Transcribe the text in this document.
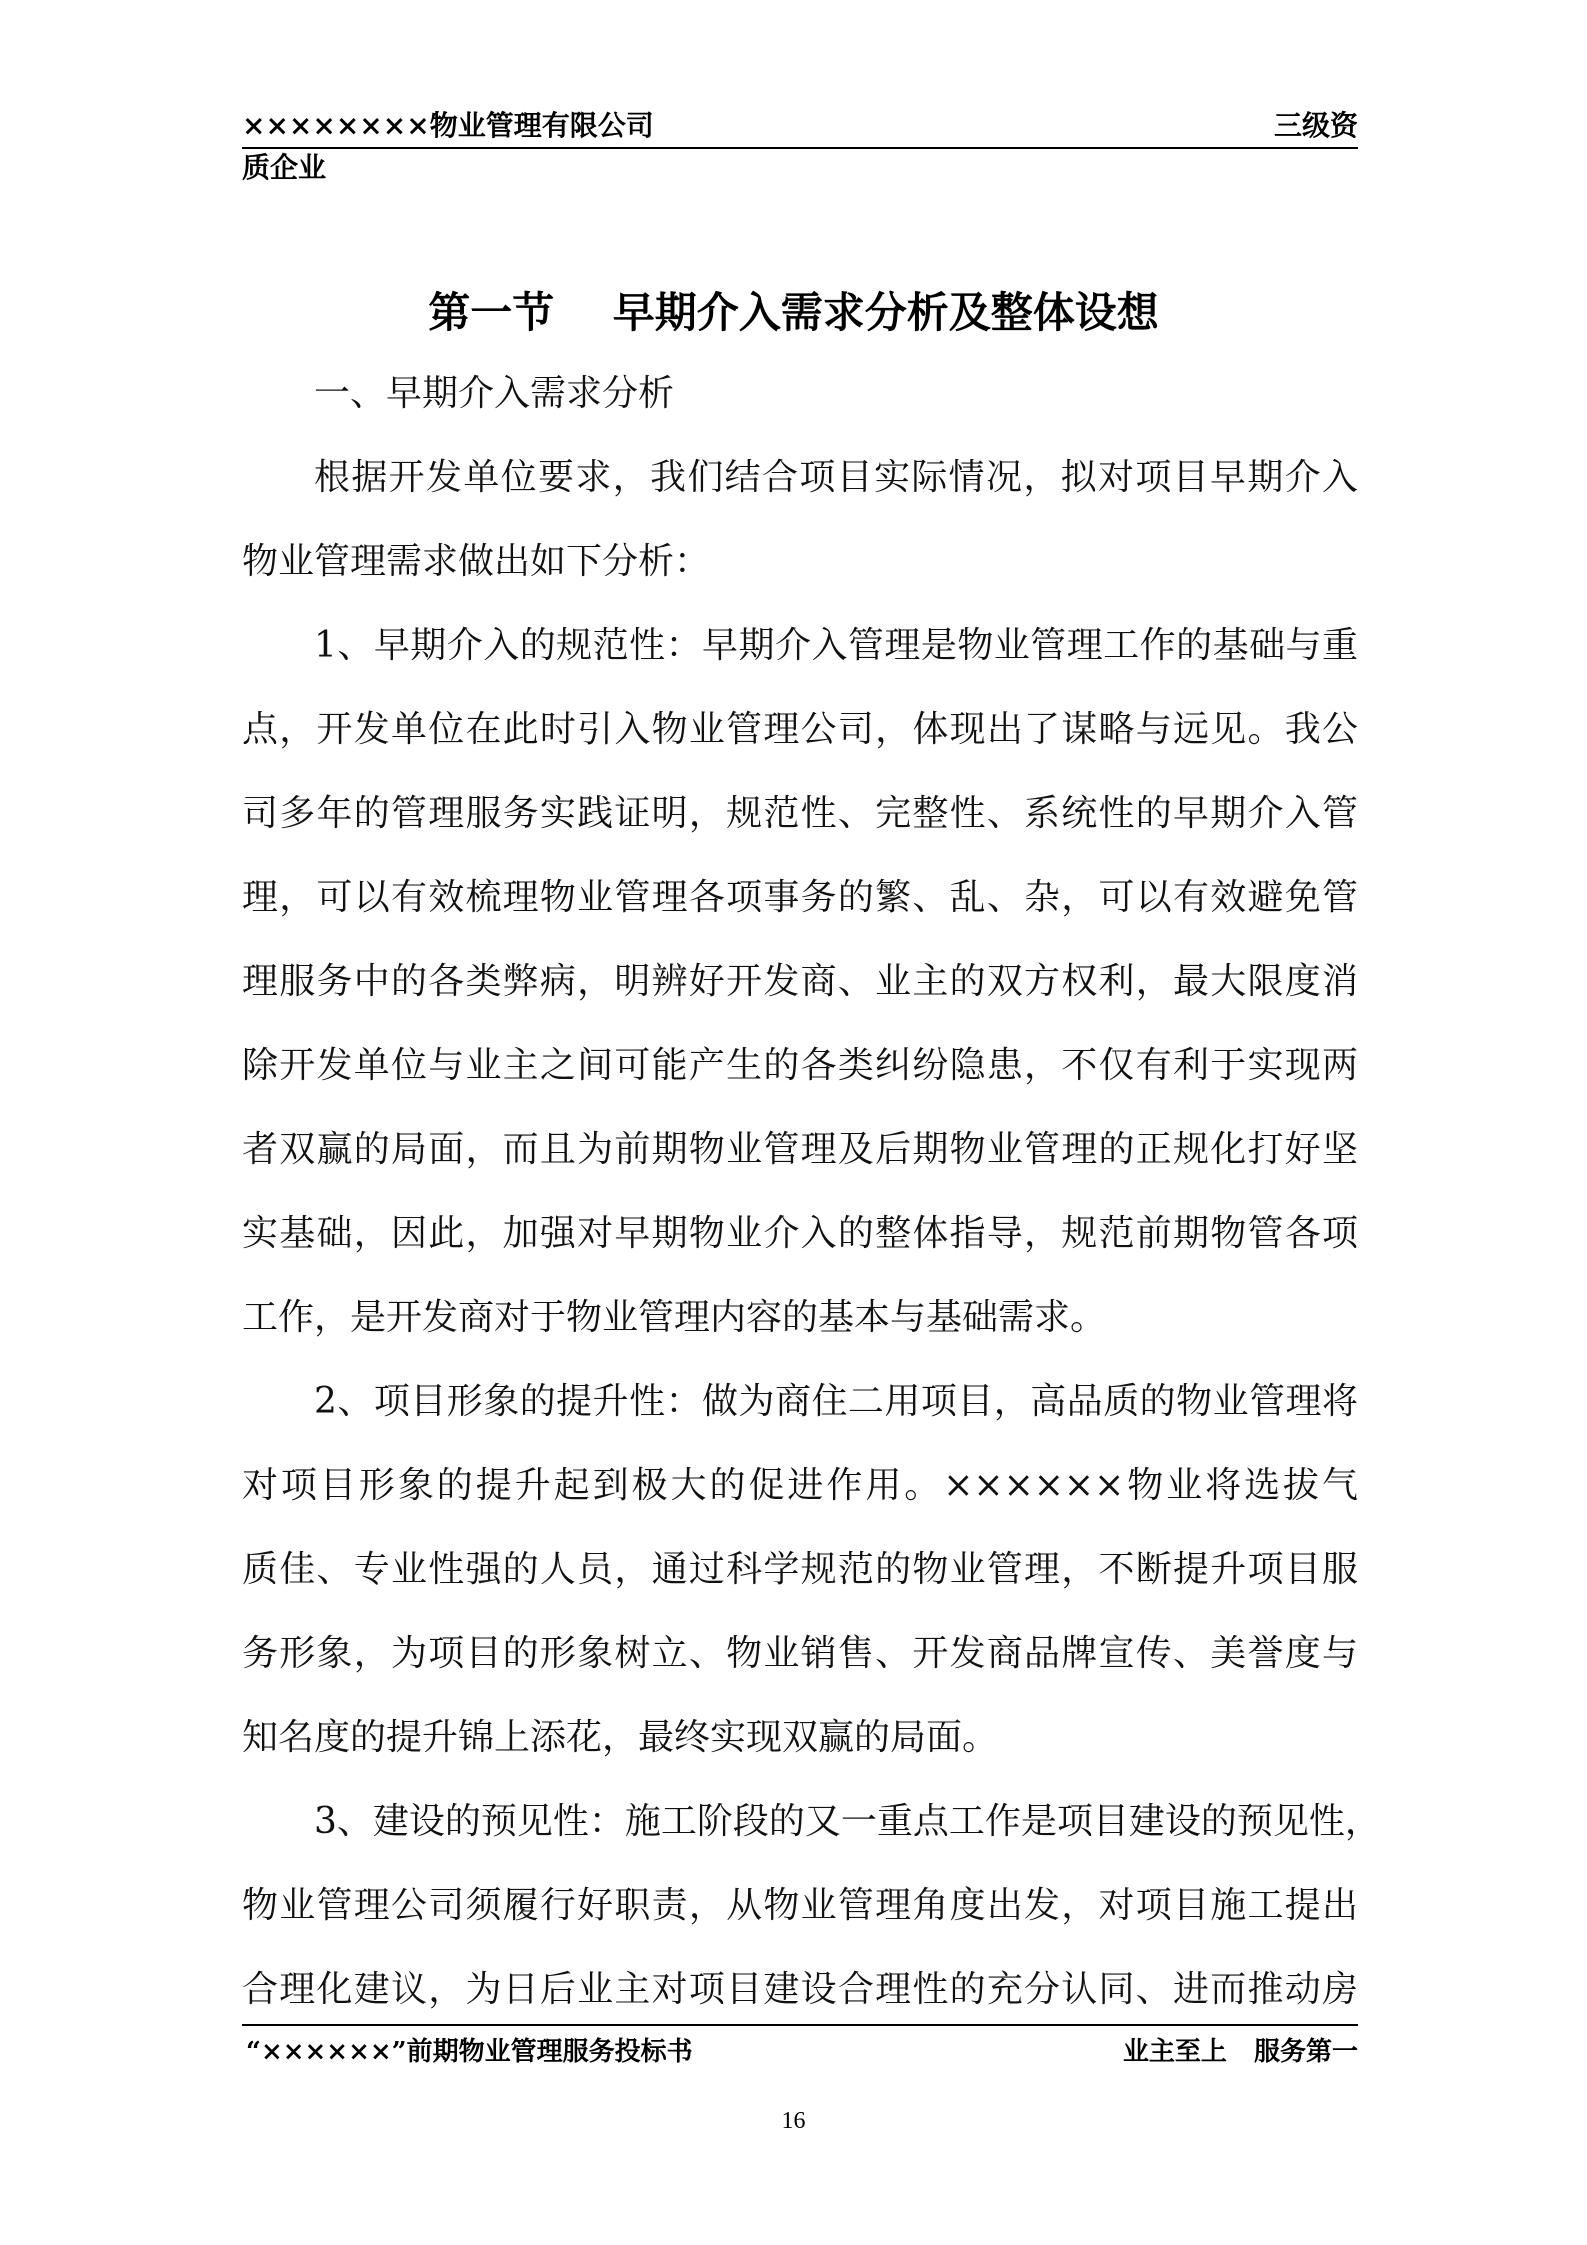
××××××××物业管理有限公司	三级资
质企业
第一节    早期介入需求分析及整体设想
一、早期介入需求分析
根据开发单位要求，我们结合项目实际情况，拟对项目早期介入
物业管理需求做出如下分析：
1、早期介入的规范性：早期介入管理是物业管理工作的基础与重
点，开发单位在此时引入物业管理公司，体现出了谋略与远见。我公
司多年的管理服务实践证明，规范性、完整性、系统性的早期介入管
理，可以有效梳理物业管理各项事务的繁、乱、杂，可以有效避免管
理服务中的各类弊病，明辨好开发商、业主的双方权利，最大限度消
除开发单位与业主之间可能产生的各类纠纷隐患，不仅有利于实现两
者双赢的局面，而且为前期物业管理及后期物业管理的正规化打好坚
实基础，因此，加强对早期物业介入的整体指导，规范前期物管各项
工作，是开发商对于物业管理内容的基本与基础需求。
2、项目形象的提升性：做为商住二用项目，高品质的物业管理将
对项目形象的提升起到极大的促进作用。××××××物业将选拔气
质佳、专业性强的人员，通过科学规范的物业管理，不断提升项目服
务形象，为项目的形象树立、物业销售、开发商品牌宣传、美誉度与
知名度的提升锦上添花，最终实现双赢的局面。
3、建设的预见性：施工阶段的又一重点工作是项目建设的预见性，
物业管理公司须履行好职责，从物业管理角度出发，对项目施工提出
合理化建议，为日后业主对项目建设合理性的充分认同、进而推动房
“××××××”前期物业管理服务投标书	业主至上   服务第一
16
